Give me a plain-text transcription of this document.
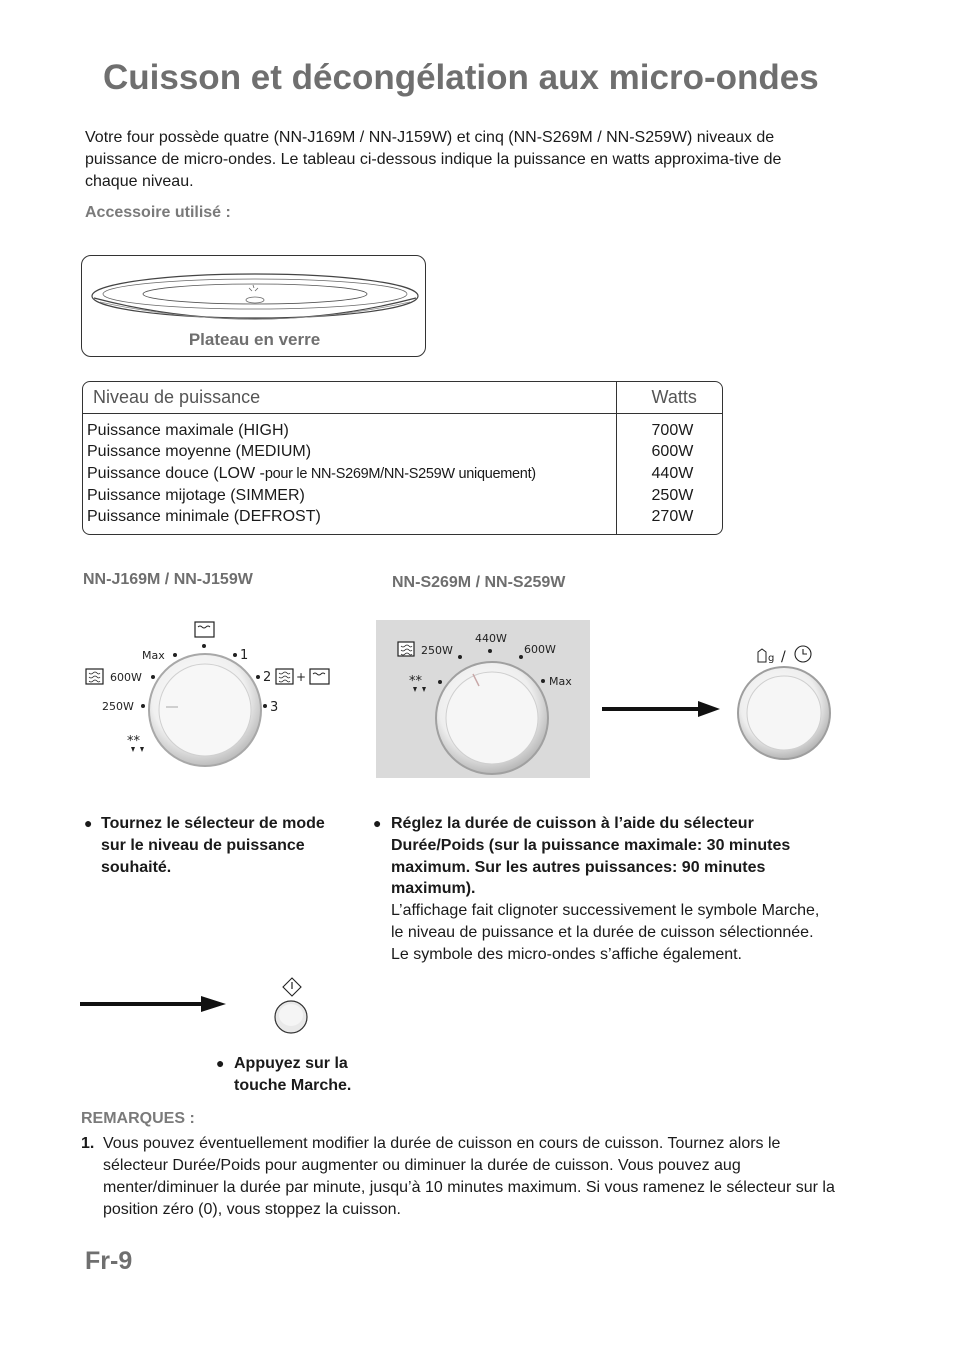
Cuisson et décongélation aux micro-ondes
Votre four possède quatre (NN-J169M / NN-J159W) et cinq (NN-S269M / NN-S259W) niveaux de puissance de micro-ondes. Le tableau ci-dessous indique la puissance en watts approxima-tive de chaque niveau.
Accessoire utilisé :
Plateau en verre
Niveau de puissance	Watts
Puissance maximale (HIGH)	700W
Puissance moyenne (MEDIUM)	600W
Puissance douce (LOW -pour le NN-S269M/NN-S259W uniquement)	440W
Puissance mijotage (SIMMER)	250W
Puissance minimale (DEFROST)	270W
NN-J169M / NN-J159W	NN-S269M / NN-S259W
Max	1
600W	2 +
250W	3
**
440W
250W	600W
Max
**
g /
● Tournez le sélecteur de mode sur le niveau de puissance souhaité.
● Réglez la durée de cuisson à l’aide du sélecteur Durée/Poids (sur la puissance maximale: 30 minutes maximum. Sur les autres puissances: 90 minutes maximum).
L’affichage fait clignoter successivement le symbole Marche, le niveau de puissance et la durée de cuisson sélectionnée. Le symbole des micro-ondes s’affiche également.
● Appuyez sur la touche Marche.
REMARQUES :
1. Vous pouvez éventuellement modifier la durée de cuisson en cours de cuisson. Tournez alors le sélecteur Durée/Poids pour augmenter ou diminuer la durée de cuisson. Vous pouvez aug menter/diminuer la durée par minute, jusqu’à 10 minutes maximum. Si vous ramenez le sélecteur sur la position zéro (0), vous stoppez la cuisson.
Fr-9
